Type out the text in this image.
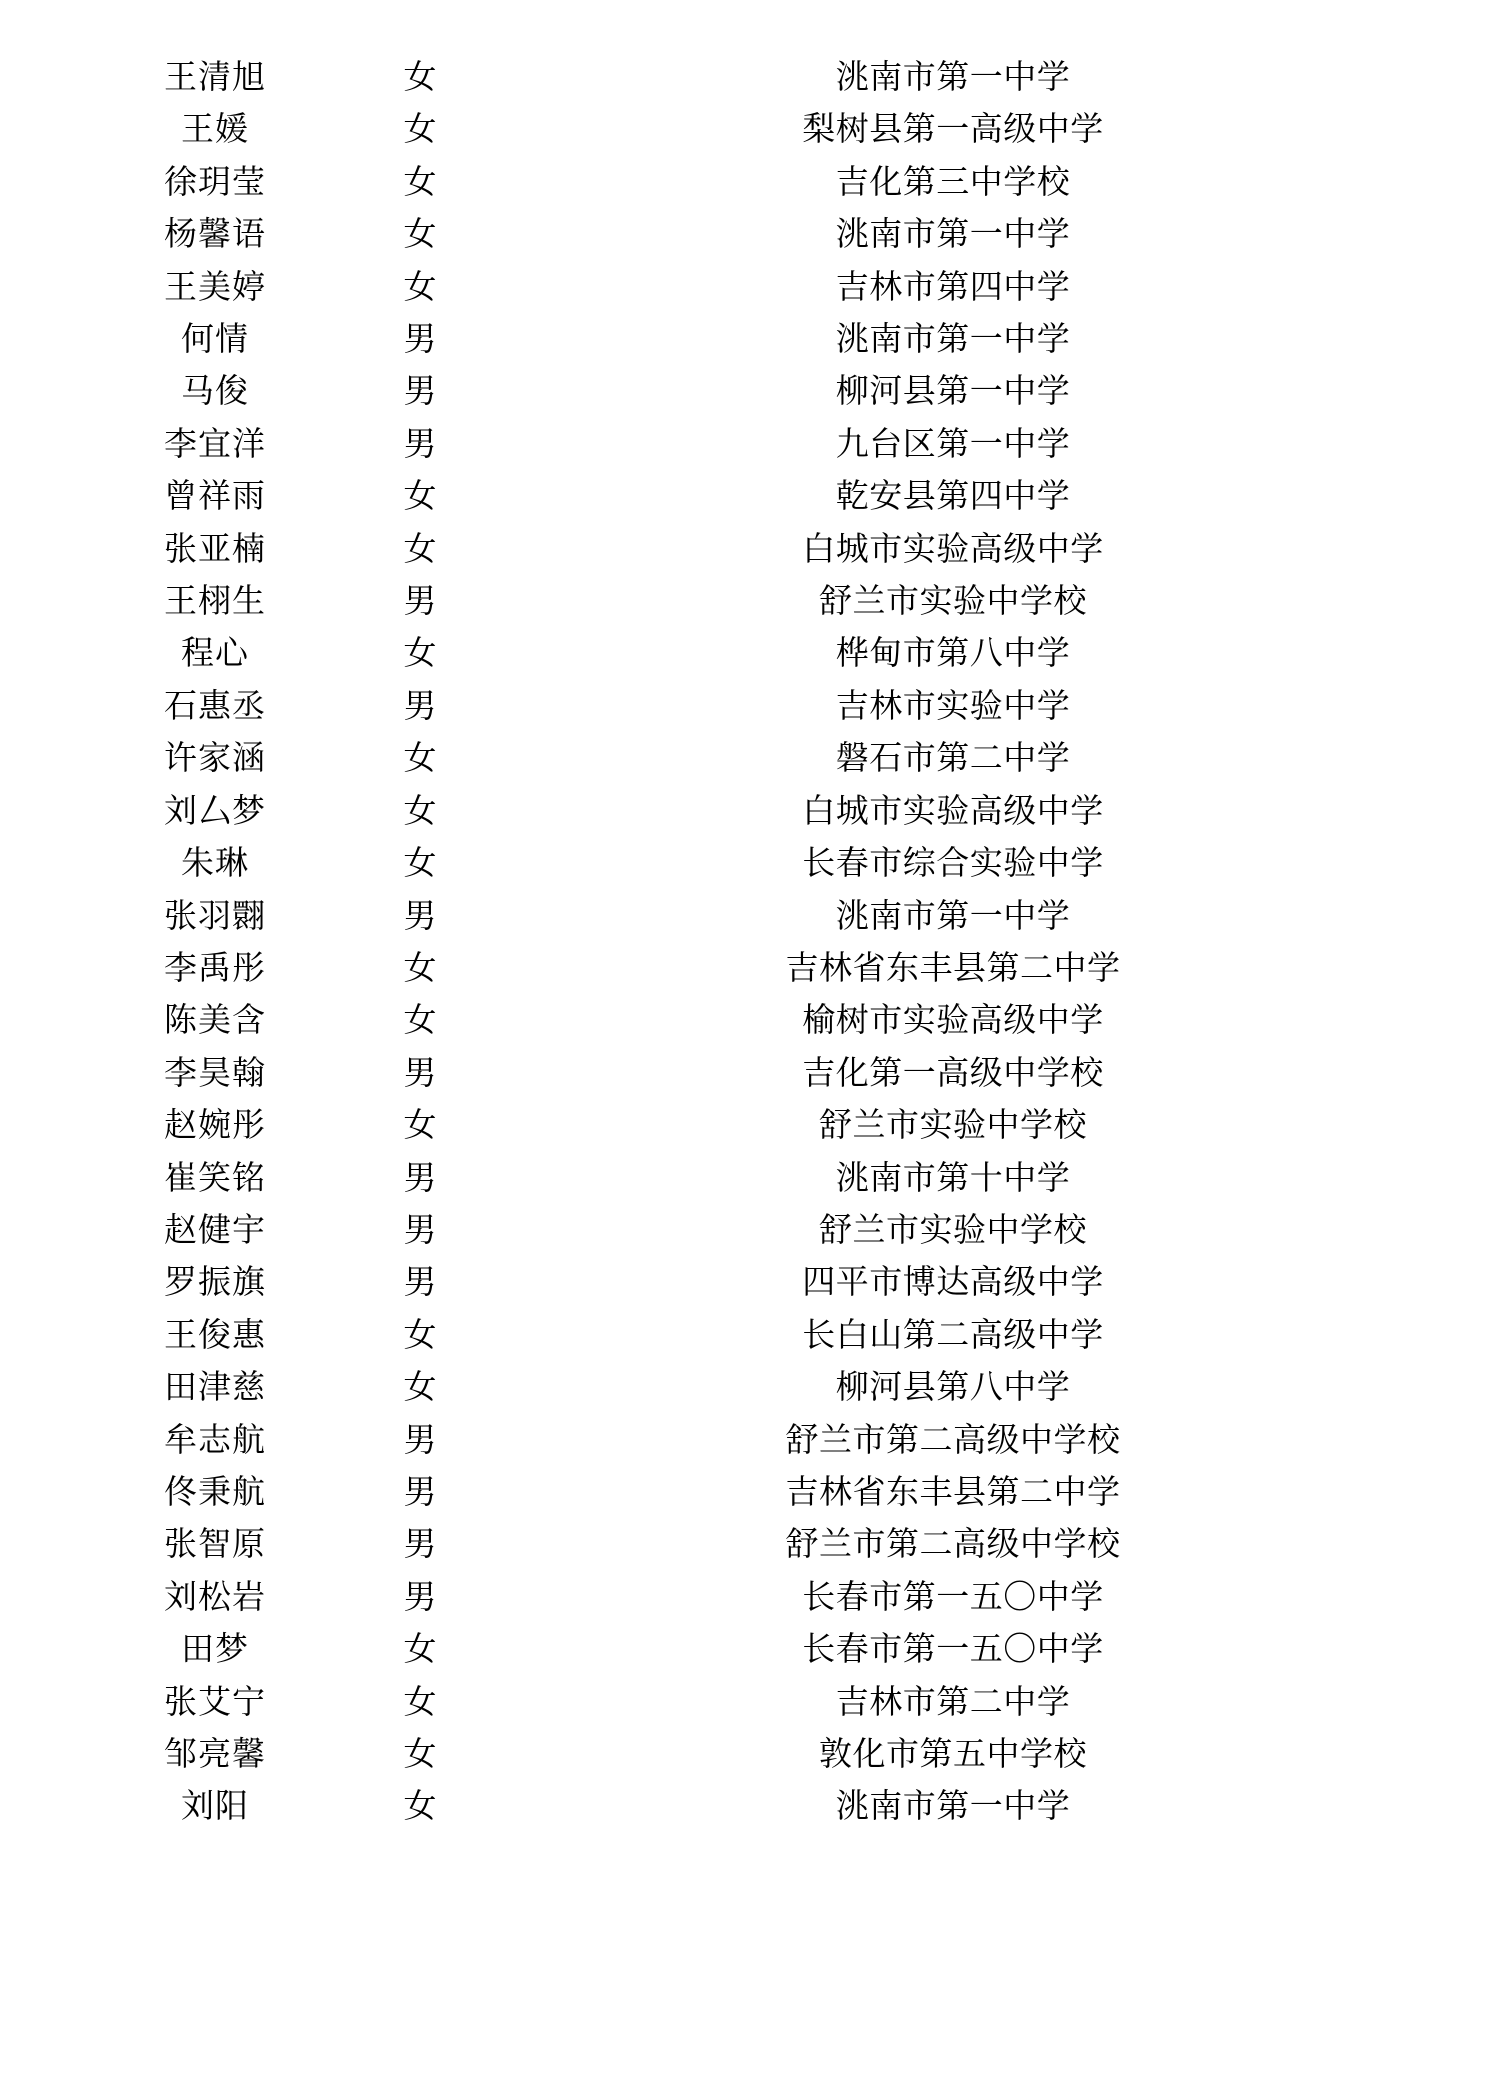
王清旭	女	洮南市第一中学
王媛	女	梨树县第一高级中学
徐玥莹	女	吉化第三中学校
杨馨语	女	洮南市第一中学
王美婷	女	吉林市第四中学
何情	男	洮南市第一中学
马俊	男	柳河县第一中学
李宜洋	男	九台区第一中学
曾祥雨	女	乾安县第四中学
张亚楠	女	白城市实验高级中学
王栩生	男	舒兰市实验中学校
程心	女	桦甸市第八中学
石惠丞	男	吉林市实验中学
许家涵	女	磐石市第二中学
刘厶梦	女	白城市实验高级中学
朱琳	女	长春市综合实验中学
张羽翾	男	洮南市第一中学
李禹彤	女	吉林省东丰县第二中学
陈美含	女	榆树市实验高级中学
李昊翰	男	吉化第一高级中学校
赵婉彤	女	舒兰市实验中学校
崔笑铭	男	洮南市第十中学
赵健宇	男	舒兰市实验中学校
罗振旗	男	四平市博达高级中学
王俊惠	女	长白山第二高级中学
田津慈	女	柳河县第八中学
牟志航	男	舒兰市第二高级中学校
佟秉航	男	吉林省东丰县第二中学
张智原	男	舒兰市第二高级中学校
刘松岩	男	长春市第一五〇中学
田梦	女	长春市第一五〇中学
张艾宁	女	吉林市第二中学
邹亮馨	女	敦化市第五中学校
刘阳	女	洮南市第一中学
